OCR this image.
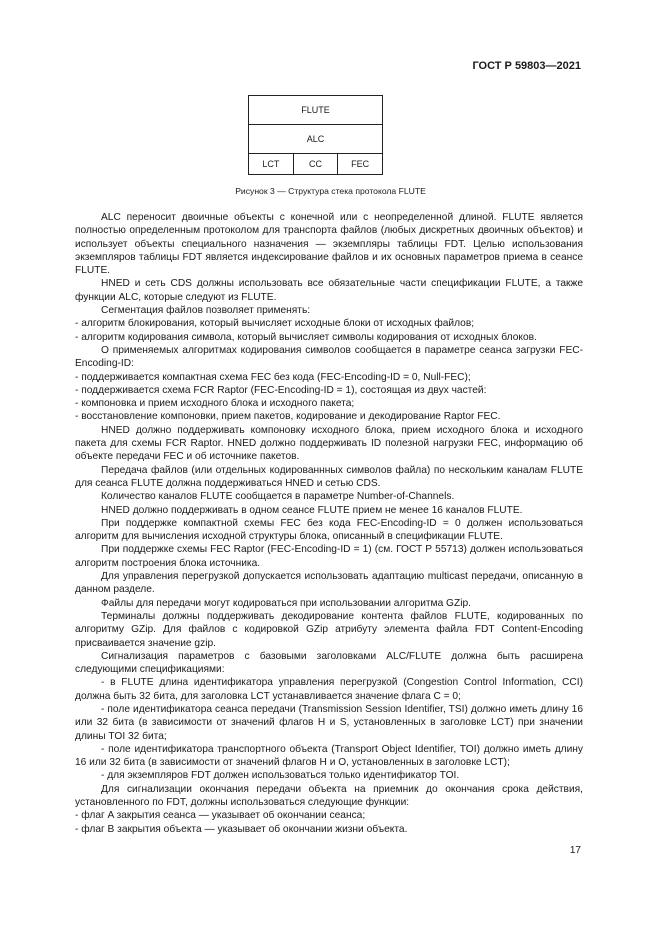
ГОСТ Р 59803—2021
FLUTE
ALC
LCT	CC	FEC
Рисунок 3 — Структура стека протокола FLUTE

ALC переносит двоичные объекты с конечной или с неопределенной длиной. FLUTE является полностью определенным протоколом для транспорта файлов (любых дискретных двоичных объектов) и использует объекты специального назначения — экземпляры таблицы FDT. Целью использования экземпляров таблицы FDT является индексирование файлов и их основных параметров приема в сеансе FLUTE.

HNED и сеть CDS должны использовать все обязательные части спецификации FLUTE, а также функции ALC, которые следуют из FLUTE.

Сегментация файлов позволяет применять:

- алгоритм блокирования, который вычисляет исходные блоки от исходных файлов;

- алгоритм кодирования символа, который вычисляет символы кодирования от исходных блоков.

О применяемых алгоритмах кодирования символов сообщается в параметре сеанса загрузки FEC-Encoding-ID:

- поддерживается компактная схема FEC без кода (FEC-Encoding-ID = 0, Null-FEC);

- поддерживается схема FCR Raptor (FEC-Encoding-ID = 1), состоящая из двух частей:

- компоновка и прием исходного блока и исходного пакета;

- восстановление компоновки, прием пакетов, кодирование и декодирование Raptor FEC.

HNED должно поддерживать компоновку исходного блока, прием исходного блока и исходного пакета для схемы FCR Raptor. HNED должно поддерживать ID полезной нагрузки FEC, информацию об объекте передачи FEC и об источнике пакетов.

Передача файлов (или отдельных кодированнных символов файла) по нескольким каналам FLUTE для сеанса FLUTE должна поддерживаться HNED и сетью CDS.

Количество каналов FLUTE сообщается в параметре Number-of-Channels.

HNED должно поддерживать в одном сеансе FLUTE прием не менее 16 каналов FLUTE.

При поддержке компактной схемы FEC без кода FEC-Encoding-ID = 0 должен использоваться алгоритм для вычисления исходной структуры блока, описанный в спецификации FLUTE.

При поддержке схемы FEC Raptor (FEC-Encoding-ID = 1) (см. ГОСТ Р 55713) должен использоваться алгоритм построения блока источника.

Для управления перегрузкой допускается использовать адаптацию multicast передачи, описанную в данном разделе.

Файлы для передачи могут кодироваться при использовании алгоритма GZip.

Терминалы должны поддерживать декодирование контента файлов FLUTE, кодированных по алгоритму GZip. Для файлов с кодировкой GZip атрибуту элемента файла FDT Content-Encoding присваивается значение gzip.

Сигнализация параметров с базовыми заголовками ALC/FLUTE должна быть расширена следующими спецификациями:

- в FLUTE длина идентификатора управления перегрузкой (Congestion Control Information, CCI) должна быть 32 бита, для заголовка LCT устанавливается значение флага C = 0;

- поле идентификатора сеанса передачи (Transmission Session Identifier, TSI) должно иметь длину 16 или 32 бита (в зависимости от значений флагов H и S, установленных в заголовке LCT) при значении длины TOI 32 бита;

- поле идентификатора транспортного объекта (Transport Object Identifier, TOI) должно иметь длину 16 или 32 бита (в зависимости от значений флагов H и O, установленных в заголовке LCT);

- для экземпляров FDT должен использоваться только идентификатор TOI.

Для сигнализации окончания передачи объекта на приемник до окончания срока действия, установленного по FDT, должны использоваться следующие функции:

- флаг A закрытия сеанса — указывает об окончании сеанса;

- флаг B закрытия объекта — указывает об окончании жизни объекта.

17
